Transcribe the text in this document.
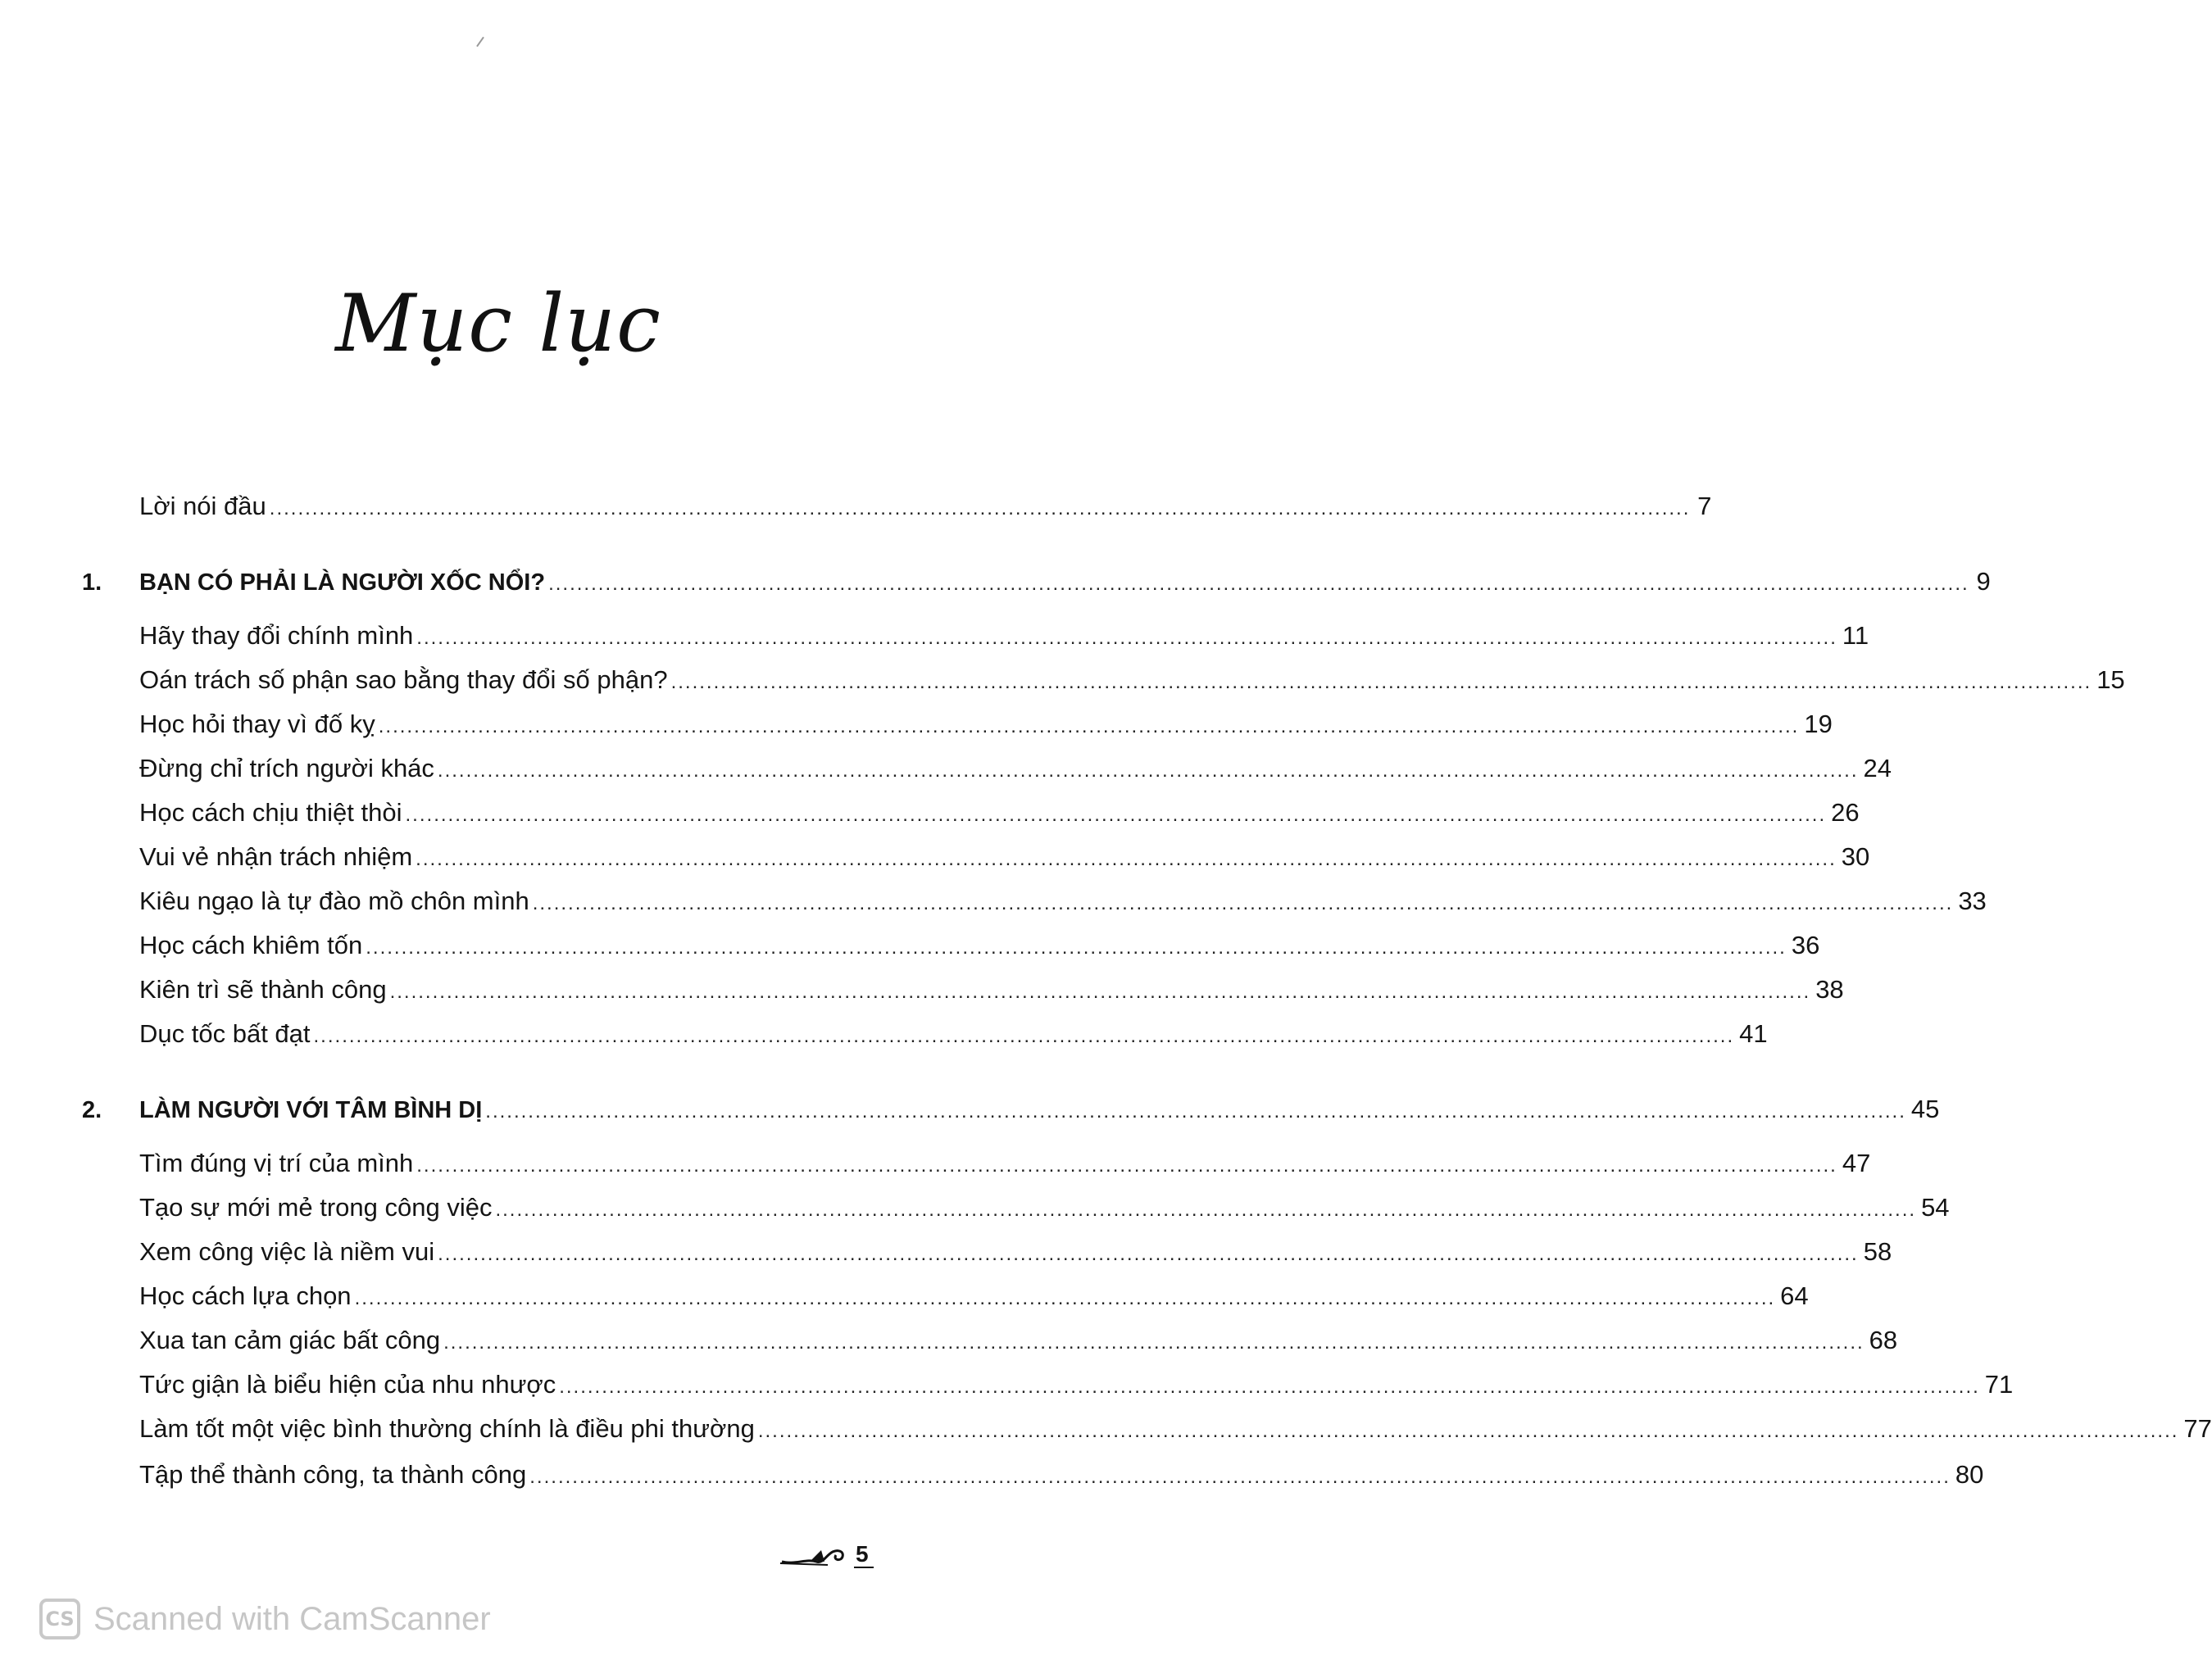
Mục lục
Lời nói đầu ........................................................................................................................................................................................................ 7
1.	BẠN CÓ PHẢI LÀ NGƯỜI XỐC NỔI? ........................................................................................................................................................................................................ 9
Hãy thay đổi chính mình ........................................................................................................................................................................................................ 11
Oán trách số phận sao bằng thay đổi số phận? ........................................................................................................................................................................................................ 15
Học hỏi thay vì đố kỵ ........................................................................................................................................................................................................ 19
Đừng chỉ trích người khác ........................................................................................................................................................................................................ 24
Học cách chịu thiệt thòi ........................................................................................................................................................................................................ 26
Vui vẻ nhận trách nhiệm ........................................................................................................................................................................................................ 30
Kiêu ngạo là tự đào mồ chôn mình ........................................................................................................................................................................................................ 33
Học cách khiêm tốn ........................................................................................................................................................................................................ 36
Kiên trì sẽ thành công ........................................................................................................................................................................................................ 38
Dục tốc bất đạt ........................................................................................................................................................................................................ 41
2.	LÀM NGƯỜI VỚI TÂM BÌNH DỊ ........................................................................................................................................................................................................ 45
Tìm đúng vị trí của mình ........................................................................................................................................................................................................ 47
Tạo sự mới mẻ trong công việc ........................................................................................................................................................................................................ 54
Xem công việc là niềm vui ........................................................................................................................................................................................................ 58
Học cách lựa chọn ........................................................................................................................................................................................................ 64
Xua tan cảm giác bất công ........................................................................................................................................................................................................ 68
Tức giận là biểu hiện của nhu nhược ........................................................................................................................................................................................................ 71
Làm tốt một việc bình thường chính là điều phi thường ........................................................................................................................................................................................................ 77
Tập thể thành công, ta thành công ........................................................................................................................................................................................................ 80
5
CS Scanned with CamScanner
